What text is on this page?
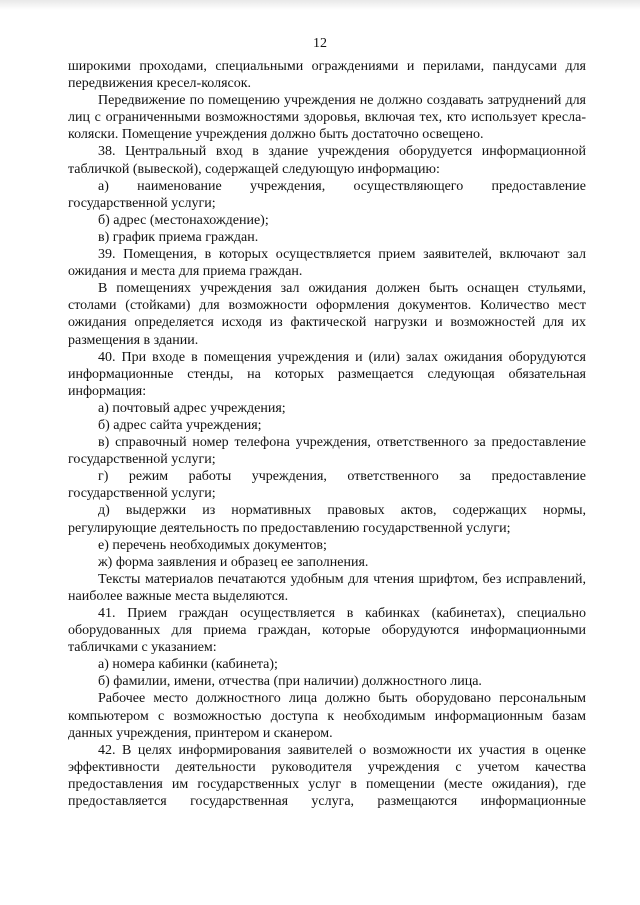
12

широкими проходами, специальными ограждениями и перилами, пандусами для передвижения кресел-колясок.

Передвижение по помещению учреждения не должно создавать затруднений для лиц с ограниченными возможностями здоровья, включая тех, кто использует кресла-коляски. Помещение учреждения должно быть достаточно освещено.

38. Центральный вход в здание учреждения оборудуется информационной табличкой (вывеской), содержащей следующую информацию:

а) наименование учреждения, осуществляющего предоставление государственной услуги;

б) адрес (местонахождение);

в) график приема граждан.

39. Помещения, в которых осуществляется прием заявителей, включают зал ожидания и места для приема граждан.

В помещениях учреждения зал ожидания должен быть оснащен стульями, столами (стойками) для возможности оформления документов. Количество мест ожидания определяется исходя из фактической нагрузки и возможностей для их размещения в здании.

40. При входе в помещения учреждения и (или) залах ожидания оборудуются информационные стенды, на которых размещается следующая обязательная информация:

а) почтовый адрес учреждения;

б) адрес сайта учреждения;

в) справочный номер телефона учреждения, ответственного за предоставление государственной услуги;

г) режим работы учреждения, ответственного за предоставление государственной услуги;

д) выдержки из нормативных правовых актов, содержащих нормы, регулирующие деятельность по предоставлению государственной услуги;

е) перечень необходимых документов;

ж) форма заявления и образец ее заполнения.

Тексты материалов печатаются удобным для чтения шрифтом, без исправлений, наиболее важные места выделяются.

41. Прием граждан осуществляется в кабинках (кабинетах), специально оборудованных для приема граждан, которые оборудуются информационными табличками с указанием:

а) номера кабинки (кабинета);

б) фамилии, имени, отчества (при наличии) должностного лица.

Рабочее место должностного лица должно быть оборудовано персональным компьютером с возможностью доступа к необходимым информационным базам данных учреждения, принтером и сканером.

42. В целях информирования заявителей о возможности их участия в оценке эффективности деятельности руководителя учреждения с учетом качества предоставления им государственных услуг в помещении (месте ожидания), где предоставляется государственная услуга, размещаются информационные
